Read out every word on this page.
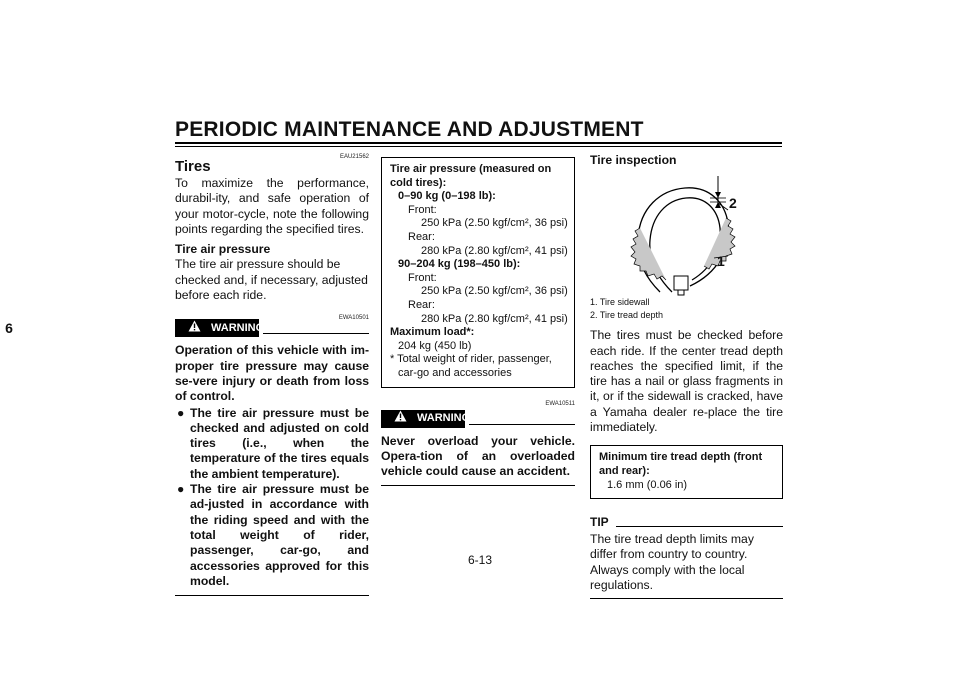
PERIODIC MAINTENANCE AND ADJUSTMENT
6
EAU21562
Tires
To maximize the performance, durabil-ity, and safe operation of your motor-cycle, note the following points regarding the specified tires.
Tire air pressure
The tire air pressure should be checked and, if necessary, adjusted before each ride.
EWA10501
WARNING
Operation of this vehicle with im-proper tire pressure may cause se-vere injury or death from loss of control.
● The tire air pressure must be checked and adjusted on cold tires (i.e., when the temperature of the tires equals the ambient temperature).
● The tire air pressure must be ad-justed in accordance with the riding speed and with the total weight of rider, passenger, car-go, and accessories approved for this model.
Tire air pressure (measured on cold tires):
0–90 kg (0–198 lb):
Front:
250 kPa (2.50 kgf/cm², 36 psi)
Rear:
280 kPa (2.80 kgf/cm², 41 psi)
90–204 kg (198–450 lb):
Front:
250 kPa (2.50 kgf/cm², 36 psi)
Rear:
280 kPa (2.80 kgf/cm², 41 psi)
Maximum load*:
204 kg (450 lb)
* Total weight of rider, passenger, car-go and accessories
EWA10511
WARNING
Never overload your vehicle. Opera-tion of an overloaded vehicle could cause an accident.
Tire inspection
2
1
1. Tire sidewall
2. Tire tread depth
The tires must be checked before each ride. If the center tread depth reaches the specified limit, if the tire has a nail or glass fragments in it, or if the sidewall is cracked, have a Yamaha dealer re-place the tire immediately.
Minimum tire tread depth (front and rear):
1.6 mm (0.06 in)
TIP
The tire tread depth limits may differ from country to country. Always comply with the local regulations.
6-13
